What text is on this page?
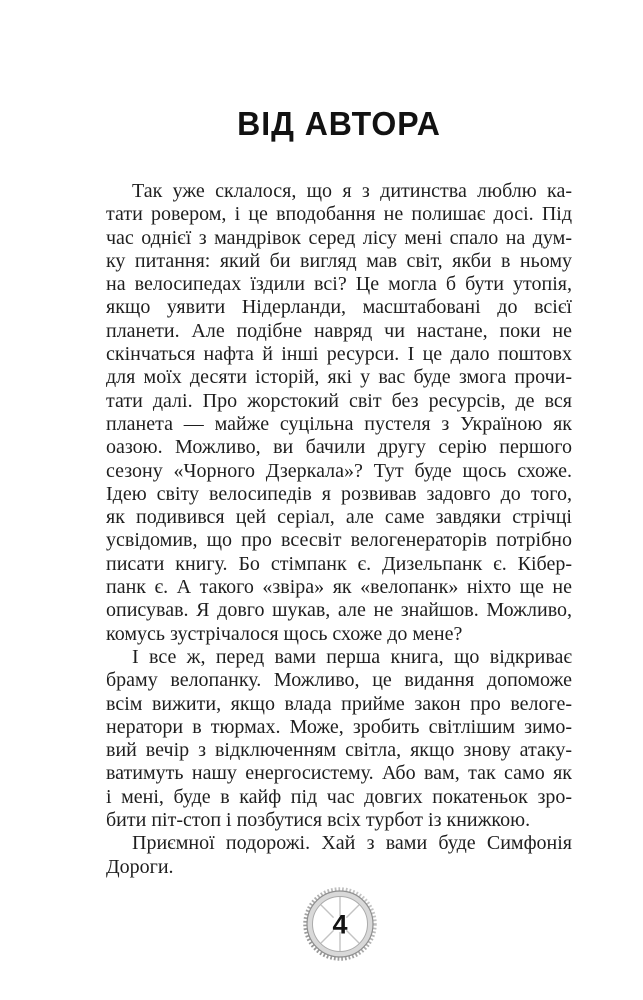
ВІД АВТОРА
Так уже склалося, що я з дитинства люблю ка-
тати ровером, і це вподобання не полишає досі. Під
час однієї з мандрівок серед лісу мені спало на дум-
ку питання: який би вигляд мав світ, якби в ньому
на велосипедах їздили всі? Це могла б бути утопія,
якщо уявити Нідерланди, масштабовані до всієї
планети. Але подібне навряд чи настане, поки не
скінчаться нафта й інші ресурси. І це дало поштовх
для моїх десяти історій, які у вас буде змога прочи-
тати далі. Про жорстокий світ без ресурсів, де вся
планета — майже суцільна пустеля з Україною як
оазою. Можливо, ви бачили другу серію першого
сезону «Чорного Дзеркала»? Тут буде щось схоже.
Ідею світу велосипедів я розвивав задовго до того,
як подивився цей серіал, але саме завдяки стрічці
усвідомив, що про всесвіт велогенераторів потрібно
писати книгу. Бо стімпанк є. Дизельпанк є. Кібер-
панк є. А такого «звіра» як «велопанк» ніхто ще не
описував. Я довго шукав, але не знайшов. Можливо,
комусь зустрічалося щось схоже до мене?
І все ж, перед вами перша книга, що відкриває
браму велопанку. Можливо, це видання допоможе
всім вижити, якщо влада прийме закон про велоге-
нератори в тюрмах. Може, зробить світлішим зимо-
вий вечір з відключенням світла, якщо знову атаку-
ватимуть нашу енергосистему. Або вам, так само як
і мені, буде в кайф під час довгих покатеньок зро-
бити піт-стоп і позбутися всіх турбот із книжкою.
Приємної подорожі. Хай з вами буде Симфонія
Дороги.
4
